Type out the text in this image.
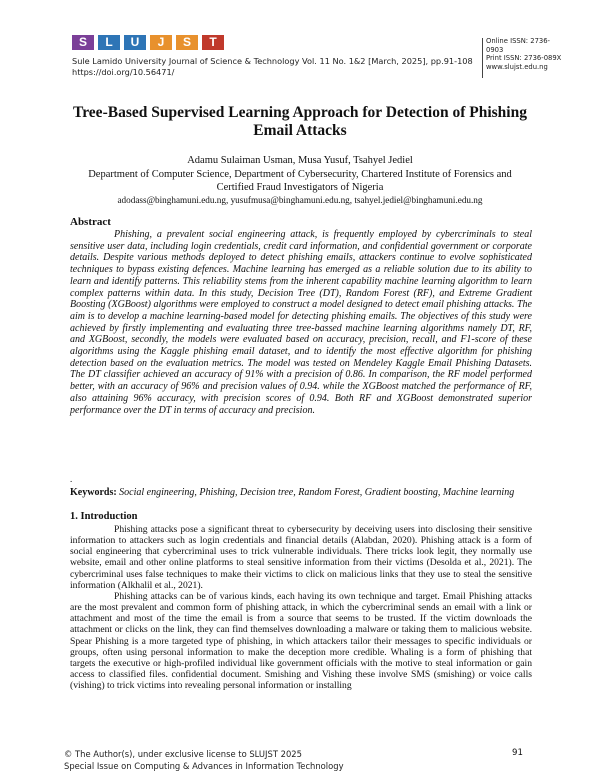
S	L	U	J	S	T
Sule Lamido University Journal of Science & Technology Vol. 11 No. 1&2 [March, 2025], pp.91-108
https://doi.org/10.56471/
Online ISSN: 2736-0903
Print ISSN: 2736-089X
www.slujst.edu.ng
Tree-Based Supervised Learning Approach for Detection of Phishing Email Attacks
Adamu Sulaiman Usman, Musa Yusuf, Tsahyel Jediel
Department of Computer Science, Department of Cybersecurity, Chartered Institute of Forensics and Certified Fraud Investigators of Nigeria
adodass@binghamuni.edu.ng, yusufmusa@binghamuni.edu.ng, tsahyel.jediel@binghamuni.edu.ng
Abstract
Phishing, a prevalent social engineering attack, is frequently employed by cybercriminals to steal sensitive user data, including login credentials, credit card information, and confidential government or corporate details. Despite various methods deployed to detect phishing emails, attackers continue to evolve sophisticated techniques to bypass existing defences. Machine learning has emerged as a reliable solution due to its ability to learn and identify patterns. This reliability stems from the inherent capability machine learning algorithm to learn complex patterns within data. In this study, Decision Tree (DT), Random Forest (RF), and Extreme Gradient Boosting (XGBoost) algorithms were employed to construct a model designed to detect email phishing attacks. The aim is to develop a machine learning-based model for detecting phishing emails. The objectives of this study were achieved by firstly implementing and evaluating three tree-bassed machine learning algorithms namely DT, RF, and XGBoost, secondly, the models were evaluated based on accuracy, precision, recall, and F1-score of these algorithms using the Kaggle phishing email dataset, and to identify the most effective algorithm for phishing detection based on the evaluation metrics. The model was tested on Mendeley Kaggle Email Phishing Datasets. The DT classifier achieved an accuracy of 91% with a precision of 0.86. In comparison, the RF model performed better, with an accuracy of 96% and precision values of 0.94. while the XGBoost matched the performance of RF, also attaining 96% accuracy, with precision scores of 0.94. Both RF and XGBoost demonstrated superior performance over the DT in terms of accuracy and precision.
.
Keywords: Social engineering, Phishing, Decision tree, Random Forest, Gradient boosting, Machine learning
1. Introduction

Phishing attacks pose a significant threat to cybersecurity by deceiving users into disclosing their sensitive information to attackers such as login credentials and financial details (Alabdan, 2020). Phishing attack is a form of social engineering that cybercriminal uses to trick vulnerable individuals. There tricks look legit, they normally use website, email and other online platforms to steal sensitive information from their victims (Desolda et al., 2021). The cybercriminal uses false techniques to make their victims to click on malicious links that they use to steal the sensitive information (Alkhalil et al., 2021).

Phishing attacks can be of various kinds, each having its own technique and target. Email Phishing attacks are the most prevalent and common form of phishing attack, in which the cybercriminal sends an email with a link or attachment and most of the time the email is from a source that seems to be trusted. If the victim downloads the attachment or clicks on the link, they can find themselves downloading a malware or taking them to malicious website. Spear Phishing is a more targeted type of phishing, in which attackers tailor their messages to specific individuals or groups, often using personal information to make the deception more credible. Whaling is a form of phishing that targets the executive or high-profiled individual like government officials with the motive to steal information or gain access to classified files. confidential document. Smishing and Vishing these involve SMS (smishing) or voice calls (vishing) to trick victims into revealing personal information or installing

© The Author(s), under exclusive license to SLUJST 2025
Special Issue on Computing & Advances in Information Technology
91
